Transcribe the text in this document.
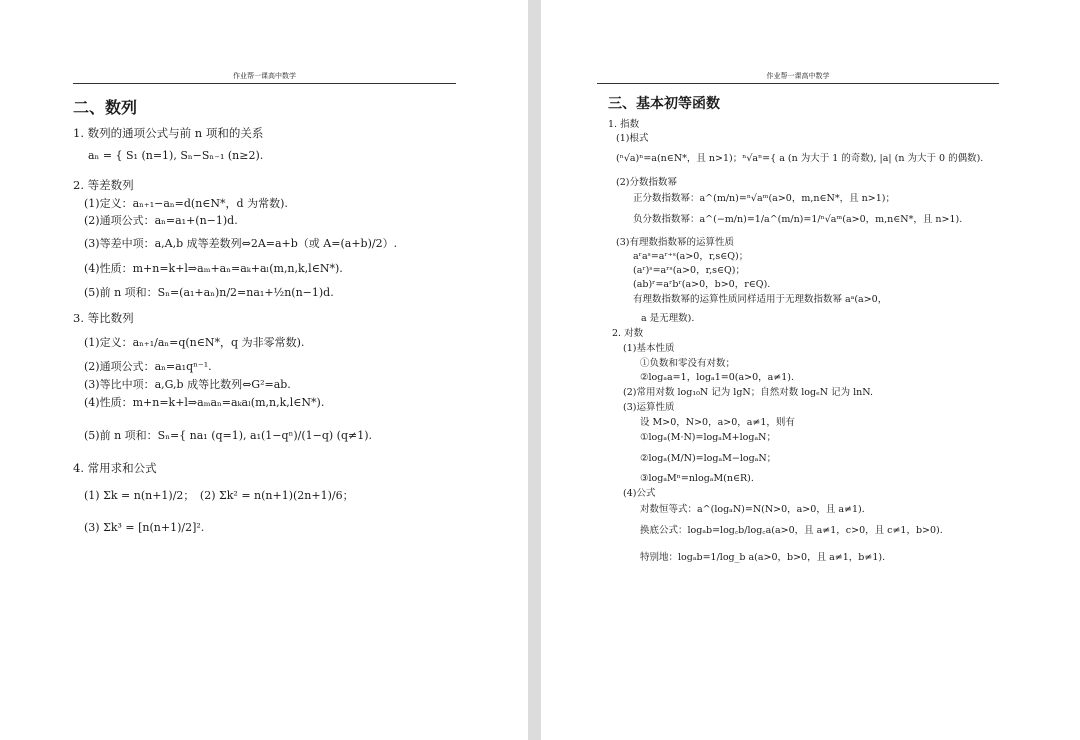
作业帮一课高中数学
二、数列
1. 数列的通项公式与前 n 项和的关系
aₙ = { S₁ (n=1), Sₙ−Sₙ₋₁ (n≥2).
2. 等差数列
(1)定义：aₙ₊₁−aₙ=d(n∈N*，d 为常数).
(2)通项公式：aₙ=a₁+(n−1)d.
(3)等差中项：a,A,b 成等差数列⇔2A=a+b（或 A=(a+b)/2）.
(4)性质：m+n=k+l⇒aₘ+aₙ=aₖ+aₗ(m,n,k,l∈N*).
(5)前 n 项和：Sₙ=(a₁+aₙ)n/2=na₁+½n(n−1)d.
3. 等比数列
(1)定义：aₙ₊₁/aₙ=q(n∈N*，q 为非零常数).
(2)通项公式：aₙ=a₁qⁿ⁻¹.
(3)等比中项：a,G,b 成等比数列⇔G²=ab.
(4)性质：m+n=k+l⇒aₘaₙ=aₖaₗ(m,n,k,l∈N*).
(5)前 n 项和：Sₙ={ na₁ (q=1), a₁(1−qⁿ)/(1−q) (q≠1).
4. 常用求和公式
(1) Σk = n(n+1)/2；　(2) Σk² = n(n+1)(2n+1)/6；
(3) Σk³ = [n(n+1)/2]².
作业帮一课高中数学
三、基本初等函数
1. 指数
(1)根式
(ⁿ√a)ⁿ=a(n∈N*，且 n>1)；ⁿ√aⁿ={ a (n 为大于 1 的奇数), |a| (n 为大于 0 的偶数).
(2)分数指数幂
正分数指数幂：a^(m/n)=ⁿ√aᵐ(a>0，m,n∈N*，且 n>1)；
负分数指数幂：a^(−m/n)=1/a^(m/n)=1/ⁿ√aᵐ(a>0，m,n∈N*，且 n>1).
(3)有理数指数幂的运算性质
aʳaˢ=aʳ⁺ˢ(a>0，r,s∈Q)；
(aʳ)ˢ=aʳˢ(a>0，r,s∈Q)；
(ab)ʳ=aʳbʳ(a>0，b>0，r∈Q).
有理数指数幂的运算性质同样适用于无理数指数幂 aᵃ(a>0，
a 是无理数).
2. 对数
(1)基本性质
①负数和零没有对数；
②logₐa=1，logₐ1=0(a>0，a≠1).
(2)常用对数 log₁₀N 记为 lgN；自然对数 logₑN 记为 lnN.
(3)运算性质
设 M>0，N>0，a>0，a≠1，则有
①logₐ(M·N)=logₐM+logₐN；
②logₐ(M/N)=logₐM−logₐN；
③logₐMⁿ=nlogₐM(n∈R).
(4)公式
对数恒等式：a^(logₐN)=N(N>0，a>0，且 a≠1).
换底公式：logₐb=log꜀b/log꜀a(a>0，且 a≠1，c>0，且 c≠1，b>0).
特别地：logₐb=1/log_b a(a>0，b>0，且 a≠1，b≠1).
